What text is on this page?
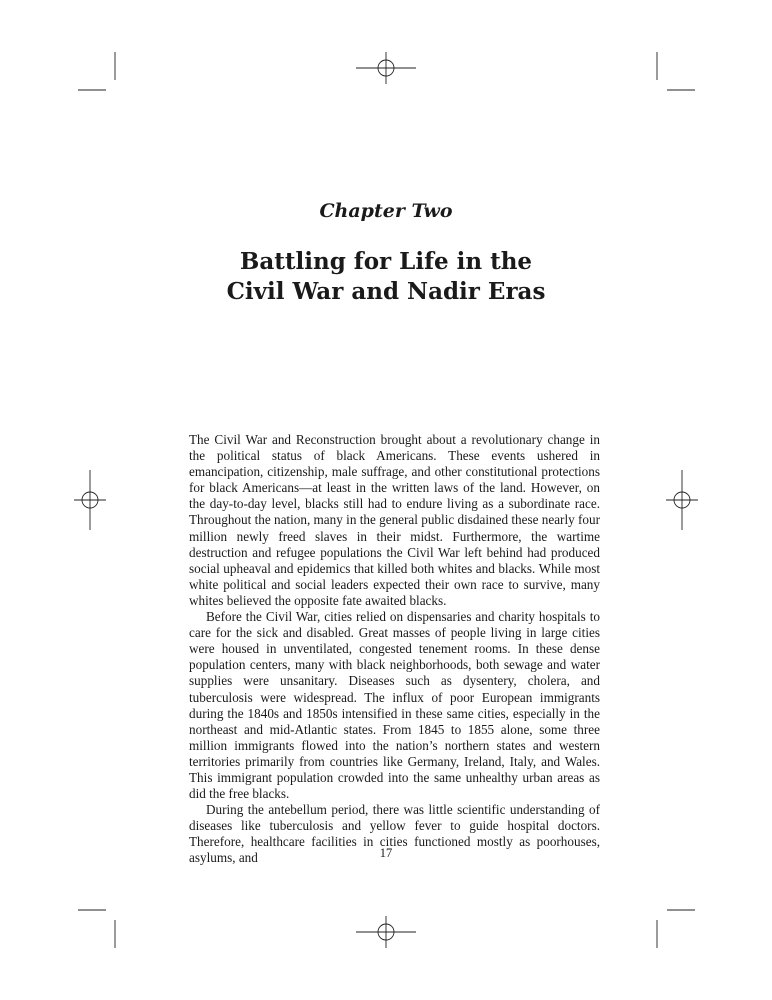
Chapter Two
Battling for Life in the
Civil War and Nadir Eras

The Civil War and Reconstruction brought about a revolutionary change in the political status of black Americans. These events ushered in emancipation, citizenship, male suffrage, and other constitutional protections for black Americans—at least in the written laws of the land. However, on the day-to-day level, blacks still had to endure living as a subordinate race. Throughout the nation, many in the general public disdained these nearly four million newly freed slaves in their midst. Furthermore, the wartime destruction and refugee populations the Civil War left behind had produced social upheaval and epidemics that killed both whites and blacks. While most white political and social leaders expected their own race to survive, many whites believed the opposite fate awaited blacks.

Before the Civil War, cities relied on dispensaries and charity hospitals to care for the sick and disabled. Great masses of people living in large cities were housed in unventilated, congested tenement rooms. In these dense population centers, many with black neighborhoods, both sewage and water supplies were unsanitary. Diseases such as dysentery, cholera, and tuberculosis were widespread. The influx of poor European immigrants during the 1840s and 1850s intensified in these same cities, especially in the northeast and mid-Atlantic states. From 1845 to 1855 alone, some three million immigrants flowed into the nation’s northern states and western territories primarily from countries like Germany, Ireland, Italy, and Wales. This immigrant population crowded into the same unhealthy urban areas as did the free blacks.

During the antebellum period, there was little scientific understanding of diseases like tuberculosis and yellow fever to guide hospital doctors. Therefore, healthcare facilities in cities functioned mostly as poorhouses, asylums, and	17
